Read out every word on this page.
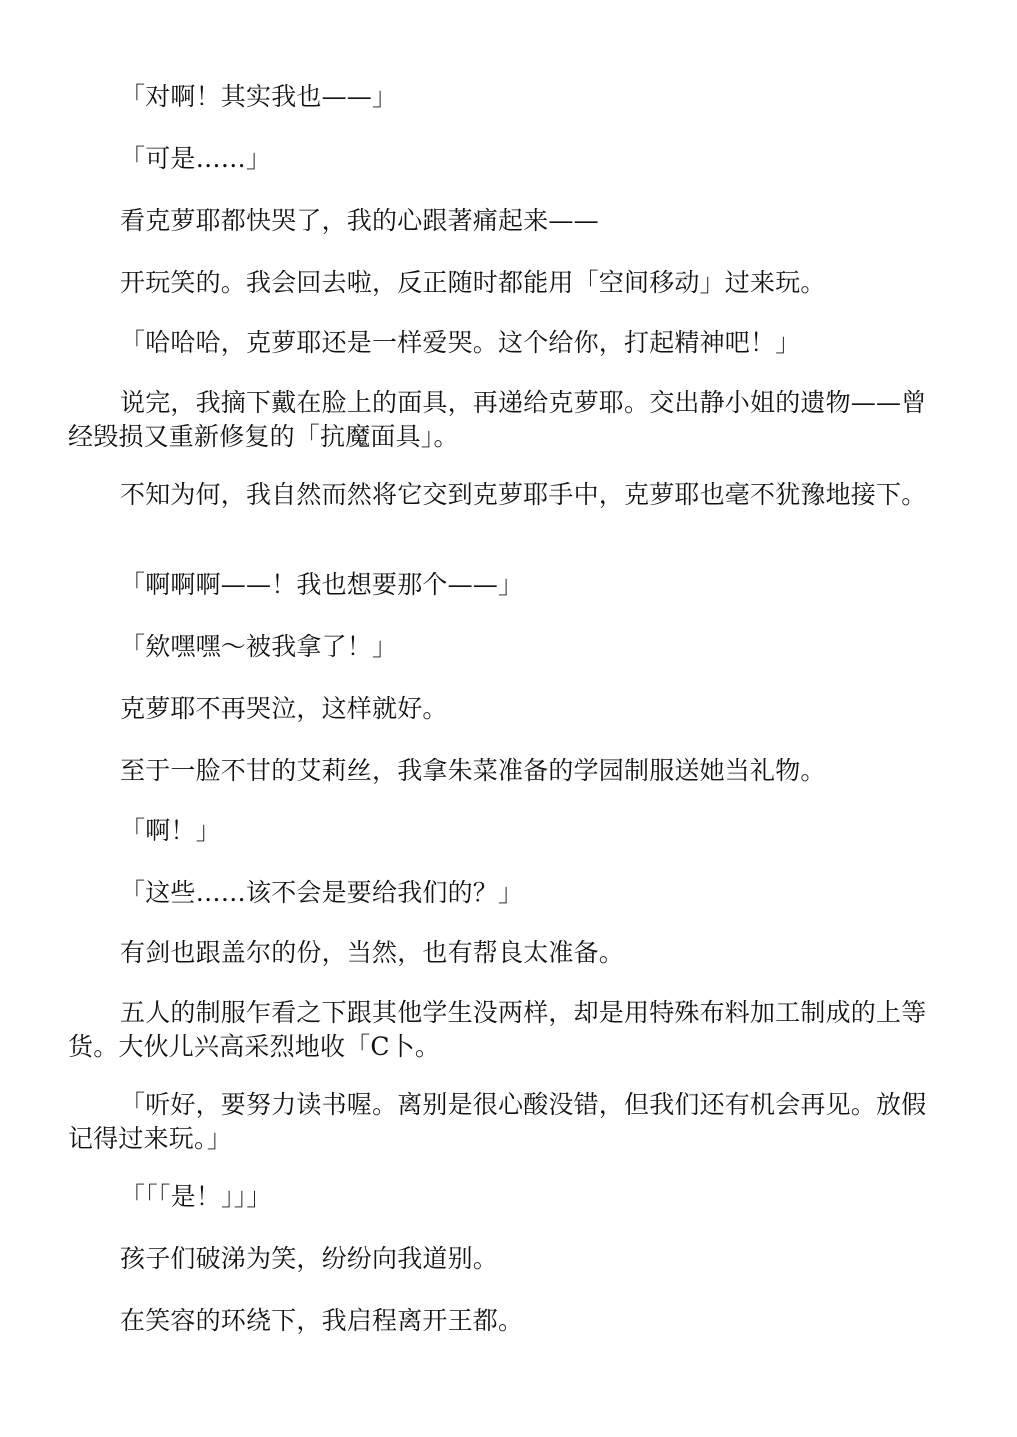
「对啊！其实我也——」

「可是……」

看克萝耶都快哭了，我的心跟著痛起来——

开玩笑的。我会回去啦，反正随时都能用「空间移动」过来玩。

「哈哈哈，克萝耶还是一样爱哭。这个给你，打起精神吧！」

说完，我摘下戴在脸上的面具，再递给克萝耶。交出静小姐的遗物——曾经毁损又重新修复的「抗魔面具」。

不知为何，我自然而然将它交到克萝耶手中，克萝耶也毫不犹豫地接下。

「啊啊啊——！我也想要那个——」

「欸嘿嘿～被我拿了！」

克萝耶不再哭泣，这样就好。

至于一脸不甘的艾莉丝，我拿朱菜准备的学园制服送她当礼物。

「啊！」

「这些……该不会是要给我们的？」

有剑也跟盖尔的份，当然，也有帮良太准备。

五人的制服乍看之下跟其他学生没两样，却是用特殊布料加工制成的上等货。大伙儿兴高采烈地收「C卜。

「听好，要努力读书喔。离别是很心酸没错，但我们还有机会再见。放假记得过来玩。」

「「「是！」」」

孩子们破涕为笑，纷纷向我道别。

在笑容的环绕下，我启程离开王都。
